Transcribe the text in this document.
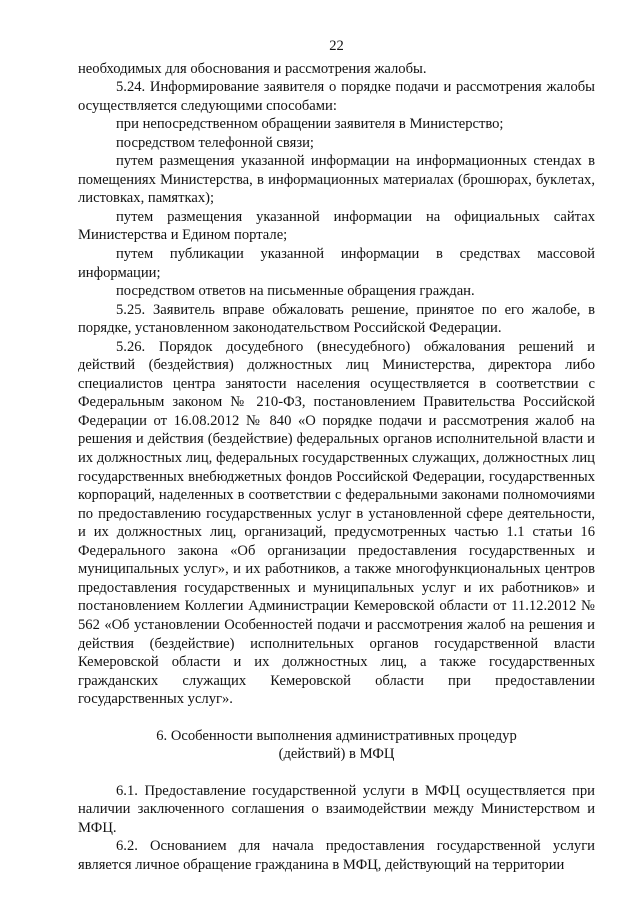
22

необходимых для обоснования и рассмотрения жалобы.

5.24. Информирование заявителя о порядке подачи и рассмотрения жалобы осуществляется следующими способами:

при непосредственном обращении заявителя в Министерство;

посредством телефонной связи;

путем размещения указанной информации на информационных стендах в помещениях Министерства, в информационных материалах (брошюрах, буклетах, листовках, памятках);

путем размещения указанной информации на официальных сайтах Министерства и Едином портале;

путем публикации указанной информации в средствах массовой информации;

посредством ответов на письменные обращения граждан.

5.25. Заявитель вправе обжаловать решение, принятое по его жалобе, в порядке, установленном законодательством Российской Федерации.

5.26. Порядок досудебного (внесудебного) обжалования решений и действий (бездействия) должностных лиц Министерства, директора либо специалистов центра занятости населения осуществляется в соответствии с Федеральным законом № 210-ФЗ, постановлением Правительства Российской Федерации от 16.08.2012 № 840 «О порядке подачи и рассмотрения жалоб на решения и действия (бездействие) федеральных органов исполнительной власти и их должностных лиц, федеральных государственных служащих, должностных лиц государственных внебюджетных фондов Российской Федерации, государственных корпораций, наделенных в соответствии с федеральными законами полномочиями по предоставлению государственных услуг в установленной сфере деятельности, и их должностных лиц, организаций, предусмотренных частью 1.1 статьи 16 Федерального закона «Об организации предоставления государственных и муниципальных услуг», и их работников, а также многофункциональных центров предоставления государственных и муниципальных услуг и их работников» и постановлением Коллегии Администрации Кемеровской области от 11.12.2012 № 562 «Об установлении Особенностей подачи и рассмотрения жалоб на решения и действия (бездействие) исполнительных органов государственной власти Кемеровской области и их должностных лиц, а также государственных гражданских служащих Кемеровской области при предоставлении государственных услуг».

6. Особенности выполнения административных процедур
(действий) в МФЦ

6.1. Предоставление государственной услуги в МФЦ осуществляется при наличии заключенного соглашения о взаимодействии между Министерством и МФЦ.

6.2. Основанием для начала предоставления государственной услуги является личное обращение гражданина в МФЦ, действующий на территории
